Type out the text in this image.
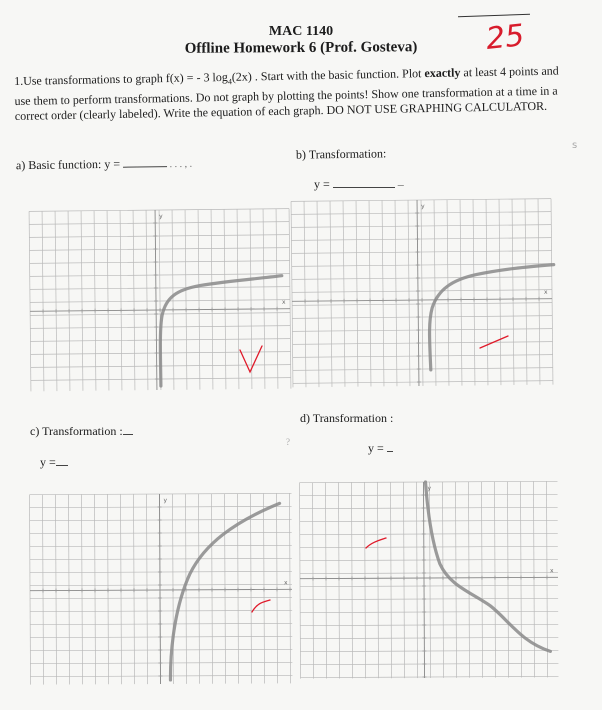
25
MAC 1140
Offline Homework 6 (Prof. Gosteva)
1.Use transformations to graph f(x) = - 3 $\log_4(2x)$ . Start with the basic function. Plot exactly at least 4 points and use them to perform transformations. Do not graph by plotting the points! Show one transformation at a time in a correct order (clearly labeled). Write the equation of each graph. DO NOT USE GRAPHING CALCULATOR.
s
a) Basic function: y =	. . . , .
b) Transformation:
y =	‒
c) Transformation :
y =
d) Transformation :
y =
?
x
y
x
y
x
y
x
y
